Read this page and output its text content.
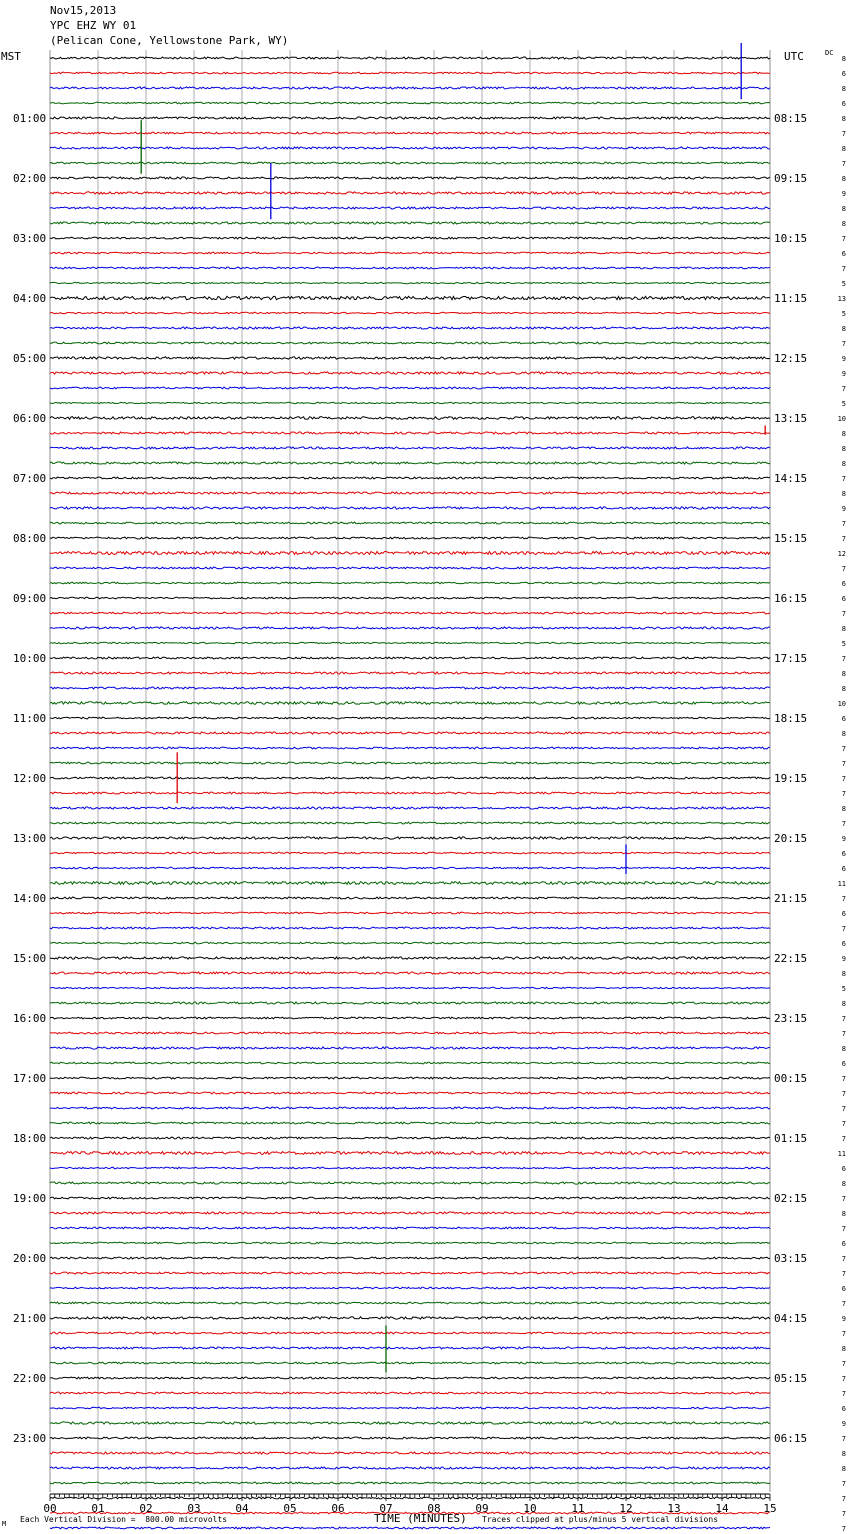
00	01	02	03	04	05	06	07	08	09	10	11	12	13	14	15
01:00
02:00
03:00
04:00
05:00
06:00
07:00
08:00
09:00
10:00
11:00
12:00
13:00
14:00
15:00
16:00
17:00
18:00
19:00
20:00
21:00
22:00
23:00
08:15
09:15
10:15
11:15
12:15
13:15
14:15
15:15
16:15
17:15
18:15
19:15
20:15
21:15
22:15
23:15
00:15
01:15
02:15
03:15
04:15
05:15
06:15
8
6
8
6
8
7
8
7
8
9
8
8
7
6
7
5
13
5
8
7
9
9
7
5
10
8
8
8
7
8
9
7
7
12
7
6
6
7
8
5
7
8
8
10
6
8
7
7
7
7
8
7
9
6
6
11
7
6
7
6
9
8
5
8
7
7
8
6
7
7
7
7
7
11
6
8
7
8
7
6
7
7
6
7
9
7
8
7
7
7
6
9
7
8
8
7
7
7
7
Nov15,2013
YPC EHZ WY 01
(Pelican Cone, Yellowstone Park, WY)
MST	UTC	DC
M Each Vertical Division =  800.00 microvolts	TIME (MINUTES) Traces clipped at plus/minus 5 vertical divisions
